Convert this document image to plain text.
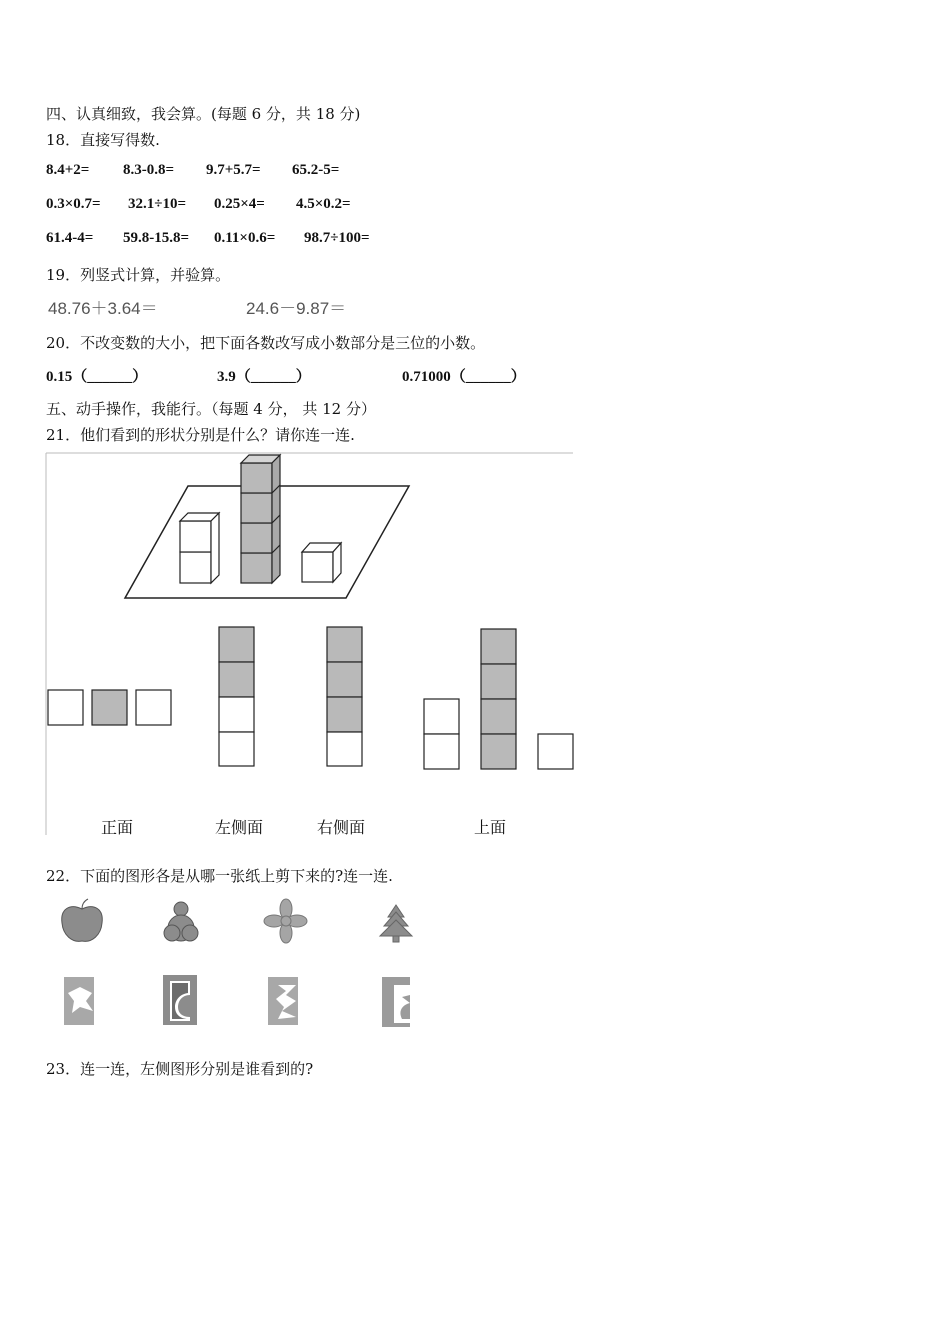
四、认真细致，我会算。(每题 6 分，共 18 分)
18．直接写得数.
8.4+2= 8.3-0.8= 9.7+5.7= 65.2-5=
0.3×0.7= 32.1÷10= 0.25×4= 4.5×0.2=
61.4-4= 59.8-15.8= 0.11×0.6= 98.7÷100=
19．列竖式计算，并验算。
48.76＋3.64＝	24.6－9.87＝
20．不改变数的大小，把下面各数改写成小数部分是三位的小数。
0.15（______）	3.9（______）	0.71000（______）
五、动手操作，我能行。（每题 4 分， 共 12 分）
21．他们看到的形状分别是什么？请你连一连.
正面	左侧面	右侧面	上面
22．下面的图形各是从哪一张纸上剪下来的?连一连.
23．连一连，左侧图形分别是谁看到的?
